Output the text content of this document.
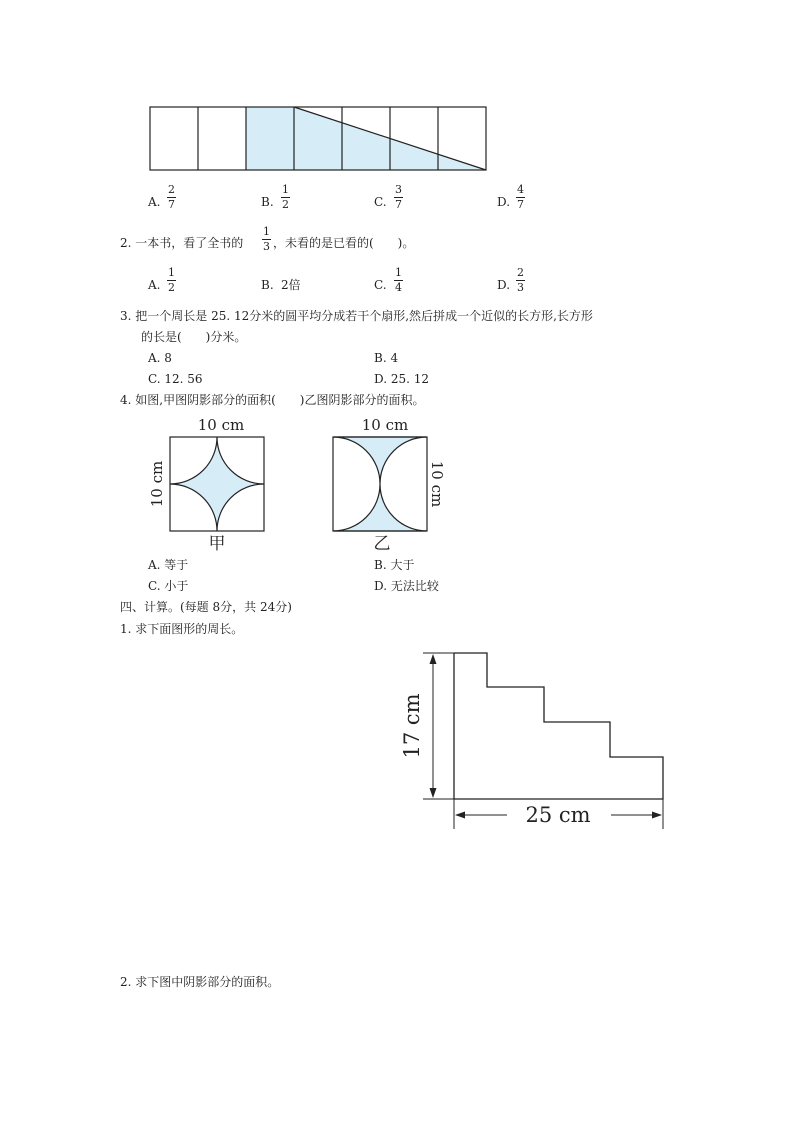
A.
2
7	B.
1
2	C.
3
7	D.
4
7
2. 一本书，看了全书的
1
3 ，未看的是已看的(　　)。
A.
1
2	B. 2倍	C.
1
4	D.
2
3
3. 把一个周长是 25. 12分米的圆平均分成若干个扇形,然后拼成一个近似的长方形,长方形
的长是(　　)分米。
A. 8	B. 4
C. 12. 56	D. 25. 12
4. 如图,甲图阴影部分的面积(　　)乙图阴影部分的面积。
10 cm
10 cm
甲
10 cm
10 cm
乙
A. 等于	B. 大于
C. 小于	D. 无法比较
四、计算。(每题 8分，共 24分)
1. 求下面图形的周长。
17 cm
25 cm
2. 求下图中阴影部分的面积。
